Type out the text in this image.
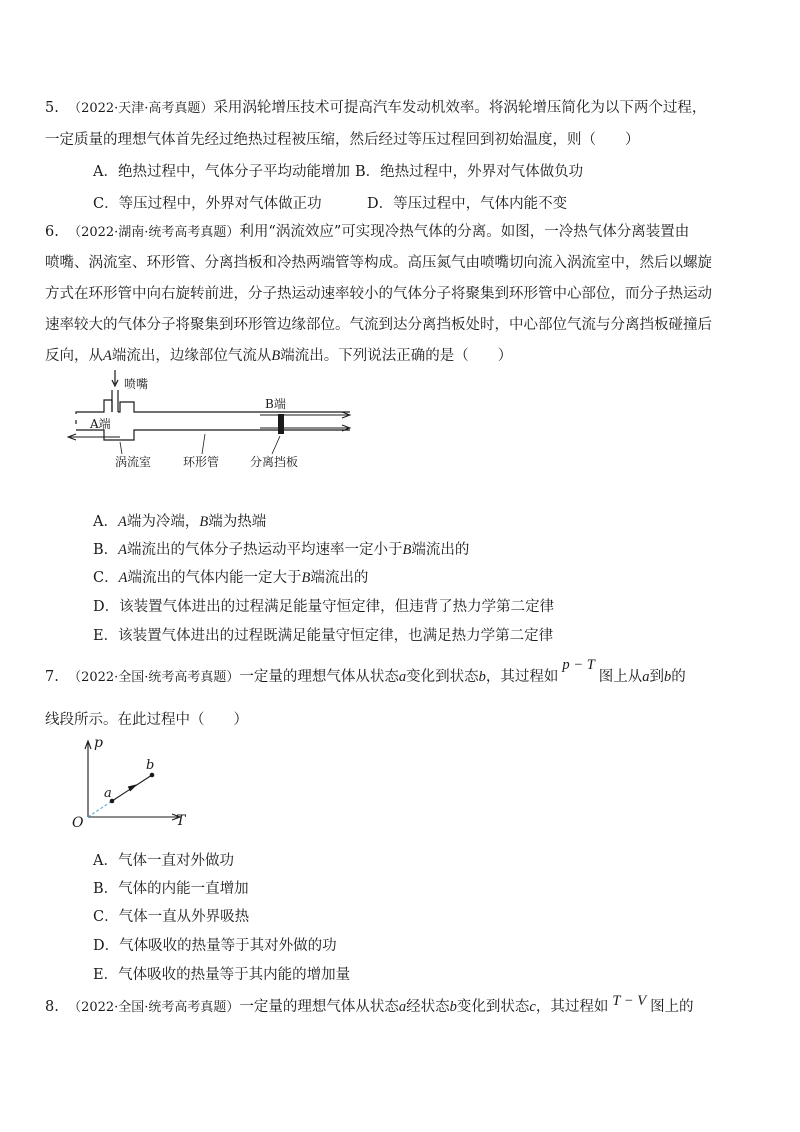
5. （2022·天津·高考真题）采用涡轮增压技术可提高汽车发动机效率。将涡轮增压简化为以下两个过程，
一定质量的理想气体首先经过绝热过程被压缩，然后经过等压过程回到初始温度，则（　　）
A．绝热过程中，气体分子平均动能增加 B．绝热过程中，外界对气体做负功
C．等压过程中，外界对气体做正功	D．等压过程中，气体内能不变
6. （2022·湖南·统考高考真题）利用“涡流效应”可实现冷热气体的分离。如图，一冷热气体分离装置由
喷嘴、涡流室、环形管、分离挡板和冷热两端管等构成。高压氮气由喷嘴切向流入涡流室中，然后以螺旋
方式在环形管中向右旋转前进，分子热运动速率较小的气体分子将聚集到环形管中心部位，而分子热运动
速率较大的气体分子将聚集到环形管边缘部位。气流到达分离挡板处时，中心部位气流与分离挡板碰撞后
反向，从A端流出，边缘部位气流从B端流出。下列说法正确的是（　　）
喷嘴
B端
A端
涡流室	环形管	分离挡板
A．A端为冷端，B端为热端
B．A端流出的气体分子热运动平均速率一定小于B端流出的
C．A端流出的气体内能一定大于B端流出的
D．该装置气体进出的过程满足能量守恒定律，但违背了热力学第二定律
E．该装置气体进出的过程既满足能量守恒定律，也满足热力学第二定律
7. （2022·全国·统考高考真题）一定量的理想气体从状态a变化到状态b，其过程如p − T图上从a到b的
线段所示。在此过程中（　　）
p
T
O
a
b
A．气体一直对外做功
B．气体的内能一直增加
C．气体一直从外界吸热
D．气体吸收的热量等于其对外做的功
E．气体吸收的热量等于其内能的增加量
8. （2022·全国·统考高考真题）一定量的理想气体从状态a经状态b变化到状态c，其过程如 T − V 图上的
